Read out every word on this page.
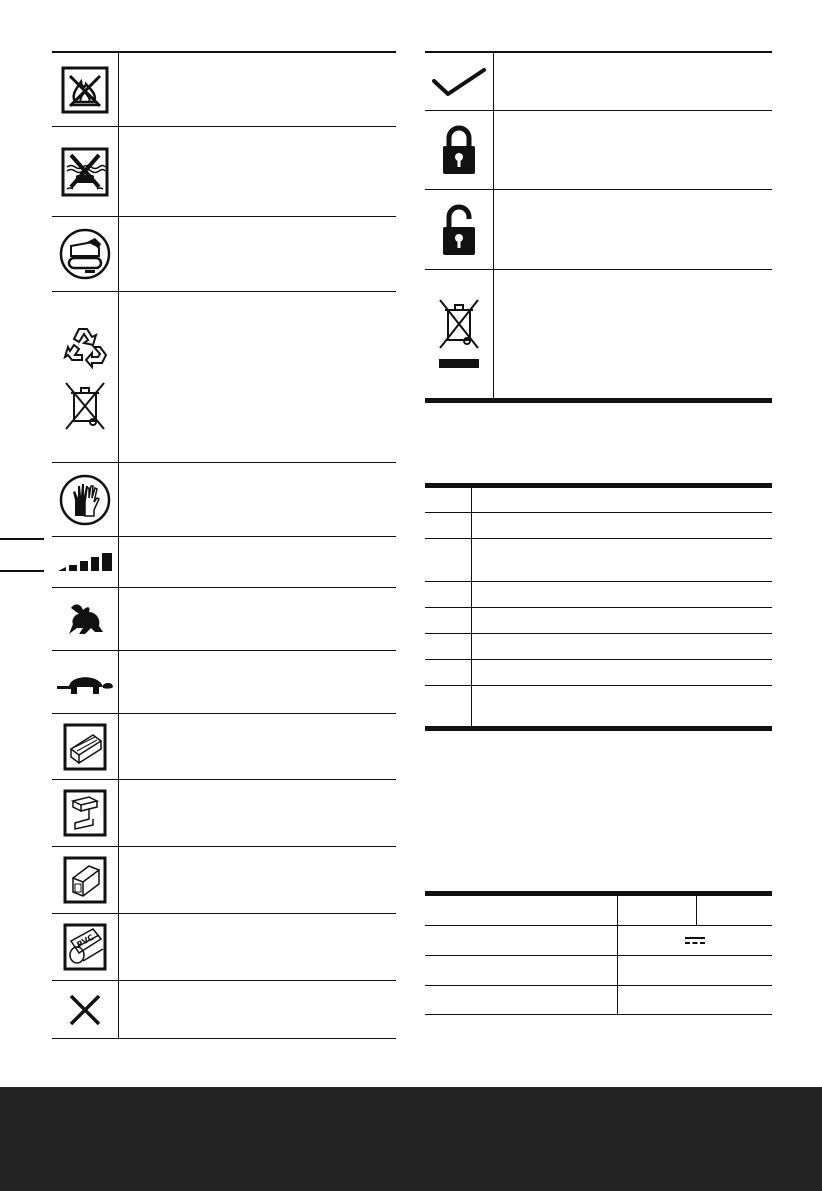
PVC
